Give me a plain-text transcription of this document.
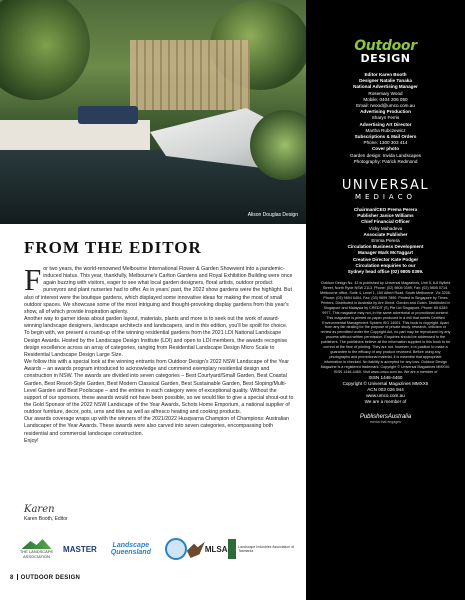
Alison Douglas Design
Outdoor
DESIGN
Editor Karen Booth
Designer Natalie Tanaka
National Advertising Manager
Rosemary Wood
Mobile: 0404 206 050
Email: rwood@umco.com.au
Advertising Production
Sharyn Ferris
Advertising Art Director
Martha Rubczewicz
Subscriptions & Mail Orders
Phone: 1300 303 414
Cover photo
Garden design: Invida Landscapes
Photography: Patrick Redmond
UNIVERSAL
MEDIACO
Chairman/CEO Prema Perera
Publisher Janice Williams
Chief Financial Officer
Vicky Mahadeva
Associate Publisher
Emma Perera
Circulation Business Development
Manager Mark McTaggart
Creative Director Kate Podger
Circulation enquiries to our
Sydney head office (02) 9805 0399.
Outdoor Design No. 42 is published by Universal Magazines, Unit 5, 6-8 Byfield Street, North Ryde NSW 2113. Phone: (02) 9805 0399, Fax: (02) 9805 0714. Melbourne office, Suite 4, Level 1, 150 Albert Road, South Melbourne, Vic 3205. Phone: (03) 9694 6404, Fax: (03) 9699 7890. Printed in Singapore by Times Printers. Distributed in Australia by Are Direct. Gordon and Gotch. Distributed in Singapore and Malaysia by CREDIT (S) Pte Ltd Singapore. Phone: 65 6289 9977. This magazine may not, in the same advertorial or promotional content. This magazine is printed on paper produced in a mill that meets Certified Environmental Management System ISO 14001. This book is copyright. Apart from any fair dealing for the purpose of private study, research, criticism or review as permitted under the Copyright Act, no part may be reproduced by any process without written permission. Enquiries should be addressed to the publishers. The publishers believe all the information supplied in this book to be correct at the time of printing. They are not, however, in a position to make a guarantee to the efficacy of any product reviewed. Before using any photographs and promotional material, it is essential that appropriate information is checked. No liability is accepted for any loss. Outdoor Design Magazine is a registered trademark. Copyright © Universal Magazines MMXXII. ISSN 1446-4460. Visit www.umco.com.au. We are a member of
ISSN 1446-4460
Copyright © Universal Magazines MMXXII
ACN 003 026 944
www.umco.com.au
We are a member of
PublishersAustralia
media that engages
FROM THE EDITOR

For two years, the world-renowned Melbourne International Flower & Garden Showwent into a pandemic-induced hiatus. This year, thankfully, Melbourne's Carlton Gardens and Royal Exhibition Building were once again buzzing with visitors, eager to see what local garden designers, floral artists, outdoor product purveyors and plant nurseries had to offer. As in years' past, the 2022 show gardens were the highlight. But also of interest were the boutique gardens, which displayed some innovative ideas for making the most of small outdoor spaces. We showcase some of the most intriguing and thought-provoking display gardens from this year's show, all of which provide inspiration aplenty.

Another way to garner ideas about garden layout, materials, plants and more is to seek out the work of award-winning landscape designers, landscape architects and landscapers, and in this edition, you'll be spoilt for choice. To begin with, we present a round-up of the winning residential gardens from the 2021 LDI National Landscape Design Awards. Hosted by the Landscape Design Institute (LDI) and open to LDI members, the awards recognise design excellence across an array of categories, ranging from Residential Landscape Design Micro Scale to Residential Landscape Design Large Size.

We follow this with a special look at the winning entrants from Outdoor Design's 2022 NSW Landscape of the Year Awards – an awards program introduced to acknowledge and commend exemplary residential design and construction in NSW. The awards are divided into seven categories – Best Courtyard/Small Garden, Best Coastal Garden, Best Resort-Style Garden, Best Modern Classical Garden, Best Sustainable Garden, Best Sloping/Multi-Level Garden and Best Poolscape – and the entries in each category were of exceptional quality. Without the support of our sponsors, these awards would not have been possible, so we would like to give a special shout-out to the Gold Sponsor of the 2022 NSW Landscape of the Year Awards, Schots Home Emporium, a national supplier of outdoor furniture, decor, pots, urns and tiles as well as alfresco heating and cooking products.

Our awards coverage wraps up with the winners of the 2021/2022 Husqvarna Champion of Champions: Australian Landscaper of the Year Awards. These awards were also carved into seven categories, encompassing both residential and commercial landscape construction.

Enjoy!

Karen
Karen Booth, Editor
THE LANDSCAPE ASSOCIATION
MASTER	Landscape Queensland	MLSA	Landscape Industries Association of Tasmania
8 OUTDOOR DESIGN
